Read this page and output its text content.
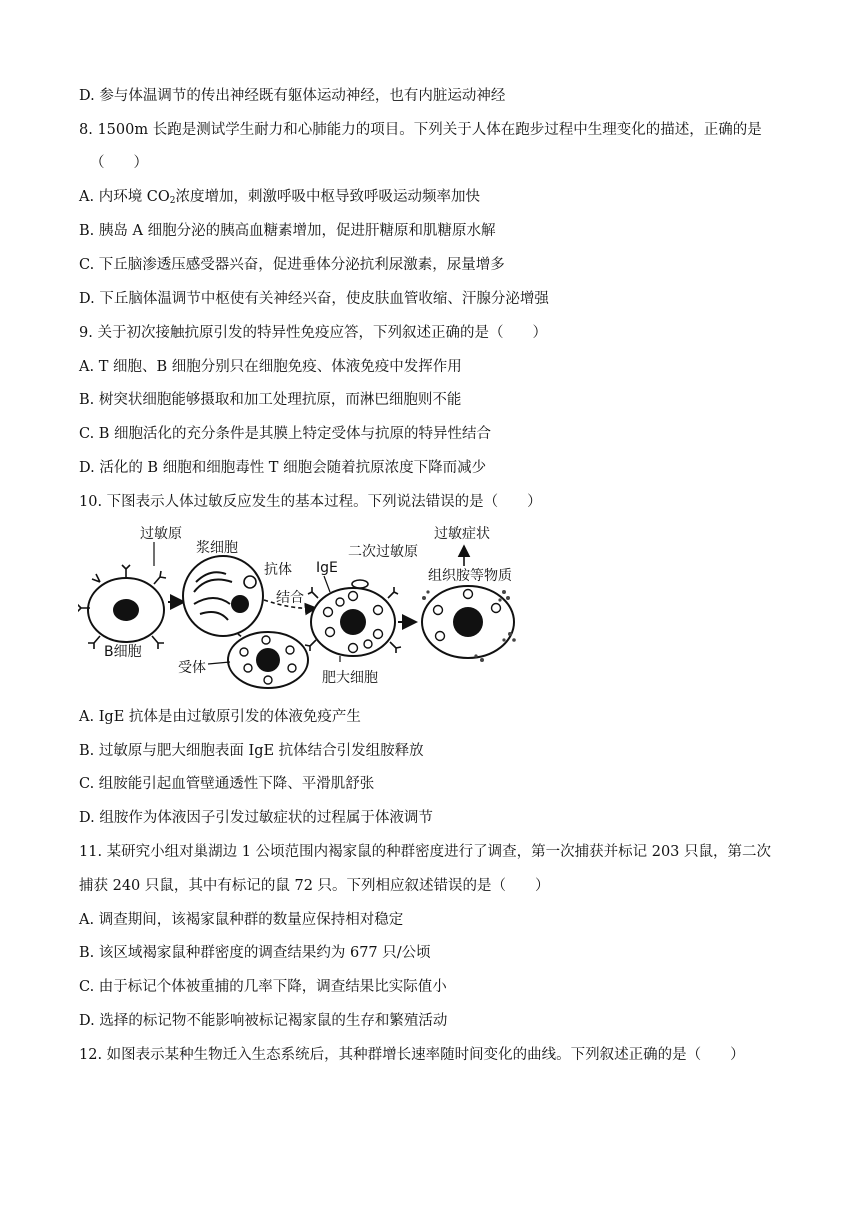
D. 参与体温调节的传出神经既有躯体运动神经，也有内脏运动神经
8. 1500m 长跑是测试学生耐力和心肺能力的项目。下列关于人体在跑步过程中生理变化的描述，正确的是
（　　）
A. 内环境 $CO_2$浓度增加，刺激呼吸中枢导致呼吸运动频率加快
B. 胰岛 A 细胞分泌的胰高血糖素增加，促进肝糖原和肌糖原水解
C. 下丘脑渗透压感受器兴奋，促进垂体分泌抗利尿激素，尿量增多
D. 下丘脑体温调节中枢使有关神经兴奋，使皮肤血管收缩、汗腺分泌增强
9. 关于初次接触抗原引发的特异性免疫应答，下列叙述正确的是（　　）
A. T 细胞、B 细胞分别只在细胞免疫、体液免疫中发挥作用
B. 树突状细胞能够摄取和加工处理抗原，而淋巴细胞则不能
C. B 细胞活化的充分条件是其膜上特定受体与抗原的特异性结合
D. 活化的 B 细胞和细胞毒性 T 细胞会随着抗原浓度下降而减少
10. 下图表示人体过敏反应发生的基本过程。下列说法错误的是（　　）
过敏原
B细胞
浆细胞
抗体
结合
受体
IgE
二次过敏原
肥大细胞
过敏症状
组织胺等物质
A. IgE 抗体是由过敏原引发的体液免疫产生
B. 过敏原与肥大细胞表面 IgE 抗体结合引发组胺释放
C. 组胺能引起血管壁通透性下降、平滑肌舒张
D. 组胺作为体液因子引发过敏症状的过程属于体液调节
11. 某研究小组对巢湖边 1 公顷范围内褐家鼠的种群密度进行了调查，第一次捕获并标记 203 只鼠，第二次
捕获 240 只鼠，其中有标记的鼠 72 只。下列相应叙述错误的是（　　）
A. 调查期间，该褐家鼠种群的数量应保持相对稳定
B. 该区域褐家鼠种群密度的调查结果约为 677 只/公顷
C. 由于标记个体被重捕的几率下降，调查结果比实际值小
D. 选择的标记物不能影响被标记褐家鼠的生存和繁殖活动
12. 如图表示某种生物迁入生态系统后，其种群增长速率随时间变化的曲线。下列叙述正确的是（　　）
